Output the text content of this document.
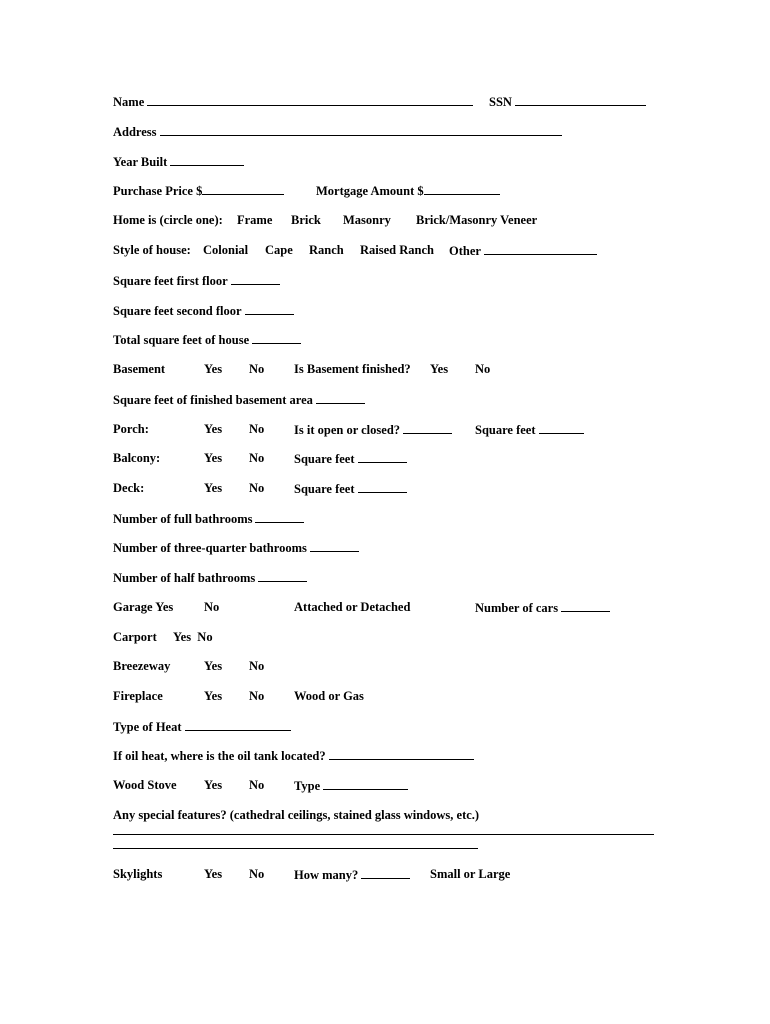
Name	SSN
Address
Year Built
Purchase Price $	Mortgage Amount $
Home is (circle one): Frame Brick Masonry Brick/Masonry Veneer
Style of house: Colonial Cape Ranch Raised Ranch Other
Square feet first floor
Square feet second floor
Total square feet of house
Basement	Yes No Is Basement finished? Yes No
Square feet of finished basement area
Porch:	Yes No Is it open or closed?	Square feet
Balcony:	Yes No Square feet
Deck:	Yes No Square feet
Number of full bathrooms
Number of three-quarter bathrooms
Number of half bathrooms
Garage Yes No	Attached or Detached	Number of cars
Carport Yes  No
Breezeway	Yes No
Fireplace	Yes No Wood or Gas
Type of Heat
If oil heat, where is the oil tank located?
Wood Stove Yes No Type
Any special features? (cathedral ceilings, stained glass windows, etc.)
Skylights	Yes No How many?	Small or Large
